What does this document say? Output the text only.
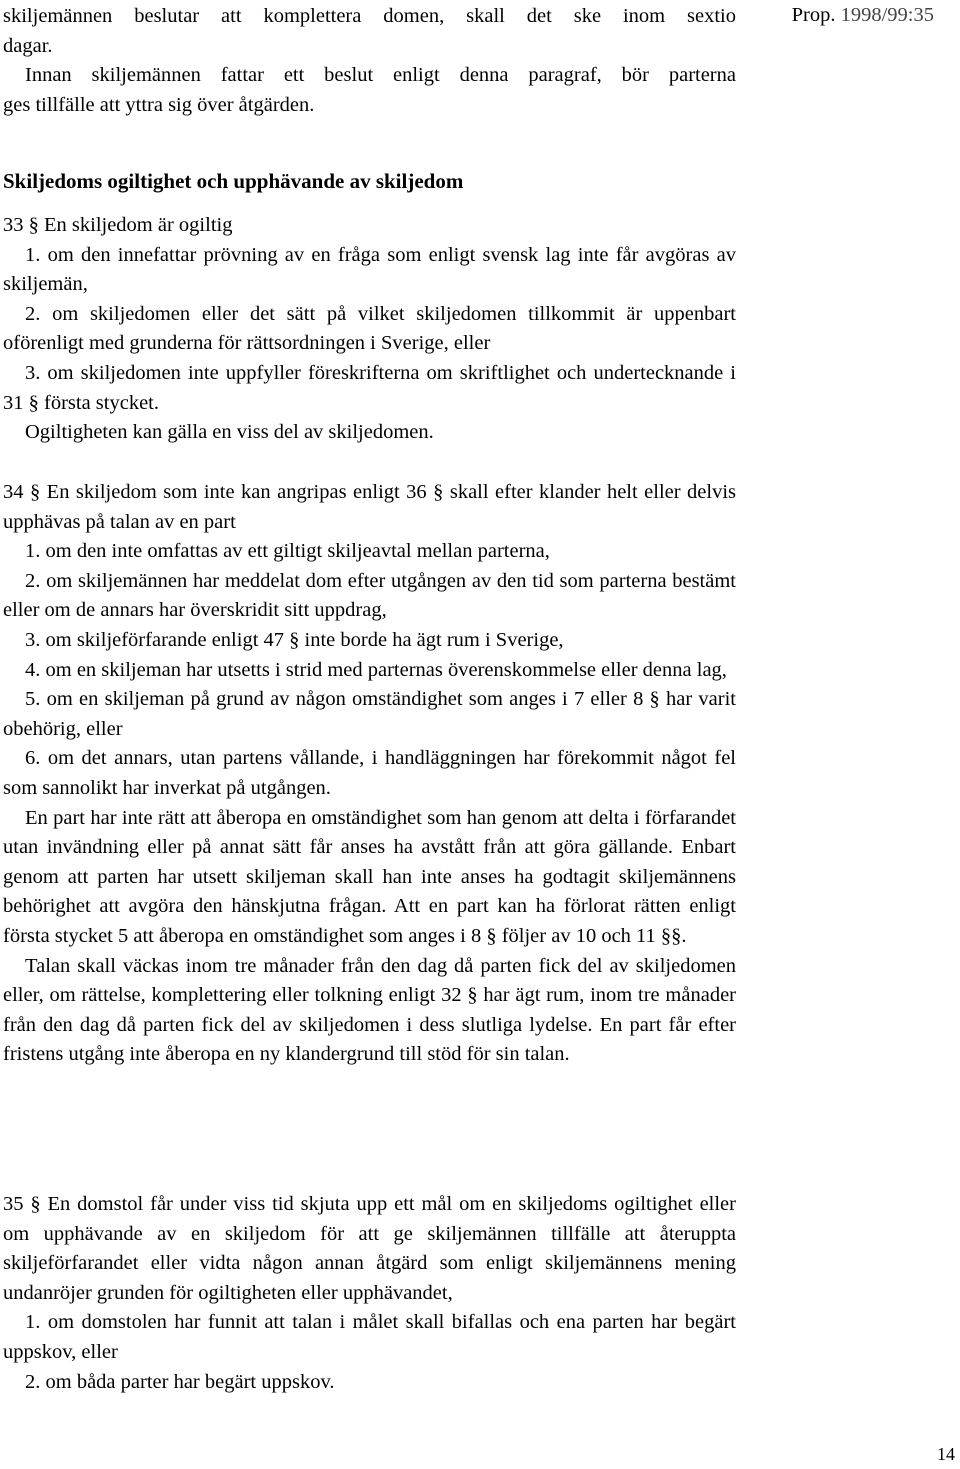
Prop. 1998/99:35
skiljemännen beslutar att komplettera domen, skall det ske inom sextio
dagar.
Innan skiljemännen fattar ett beslut enligt denna paragraf, bör parterna
ges tillfälle att yttra sig över åtgärden.
Skiljedoms ogiltighet och upphävande av skiljedom
33 § En skiljedom är ogiltig
1. om den innefattar prövning av en fråga som enligt svensk lag inte får avgöras av skiljemän,
2. om skiljedomen eller det sätt på vilket skiljedomen tillkommit är uppenbart oförenligt med grunderna för rättsordningen i Sverige, eller
3. om skiljedomen inte uppfyller föreskrifterna om skriftlighet och undertecknande i 31 § första stycket.
Ogiltigheten kan gälla en viss del av skiljedomen.
34 § En skiljedom som inte kan angripas enligt 36 § skall efter klander helt eller delvis upphävas på talan av en part
1. om den inte omfattas av ett giltigt skiljeavtal mellan parterna,
2. om skiljemännen har meddelat dom efter utgången av den tid som parterna bestämt eller om de annars har överskridit sitt uppdrag,
3. om skiljeförfarande enligt 47 § inte borde ha ägt rum i Sverige,
4. om en skiljeman har utsetts i strid med parternas överenskommelse eller denna lag,
5. om en skiljeman på grund av någon omständighet som anges i 7 eller 8 § har varit obehörig, eller
6. om det annars, utan partens vållande, i handläggningen har förekommit något fel som sannolikt har inverkat på utgången.
En part har inte rätt att åberopa en omständighet som han genom att delta i förfarandet utan invändning eller på annat sätt får anses ha avstått från att göra gällande. Enbart genom att parten har utsett skiljeman skall han inte anses ha godtagit skiljemännens behörighet att avgöra den hänskjutna frågan. Att en part kan ha förlorat rätten enligt första stycket 5 att åberopa en omständighet som anges i 8 § följer av 10 och 11 §§.
Talan skall väckas inom tre månader från den dag då parten fick del av skiljedomen eller, om rättelse, komplettering eller tolkning enligt 32 § har ägt rum, inom tre månader från den dag då parten fick del av skiljedomen i dess slutliga lydelse. En part får efter fristens utgång inte åberopa en ny klandergrund till stöd för sin talan.
35 § En domstol får under viss tid skjuta upp ett mål om en skiljedoms ogiltighet eller om upphävande av en skiljedom för att ge skiljemännen tillfälle att återuppta skiljeförfarandet eller vidta någon annan åtgärd som enligt skiljemännens mening undanröjer grunden för ogiltigheten eller upphävandet,
1. om domstolen har funnit att talan i målet skall bifallas och ena parten har begärt uppskov, eller
2. om båda parter har begärt uppskov.
14
